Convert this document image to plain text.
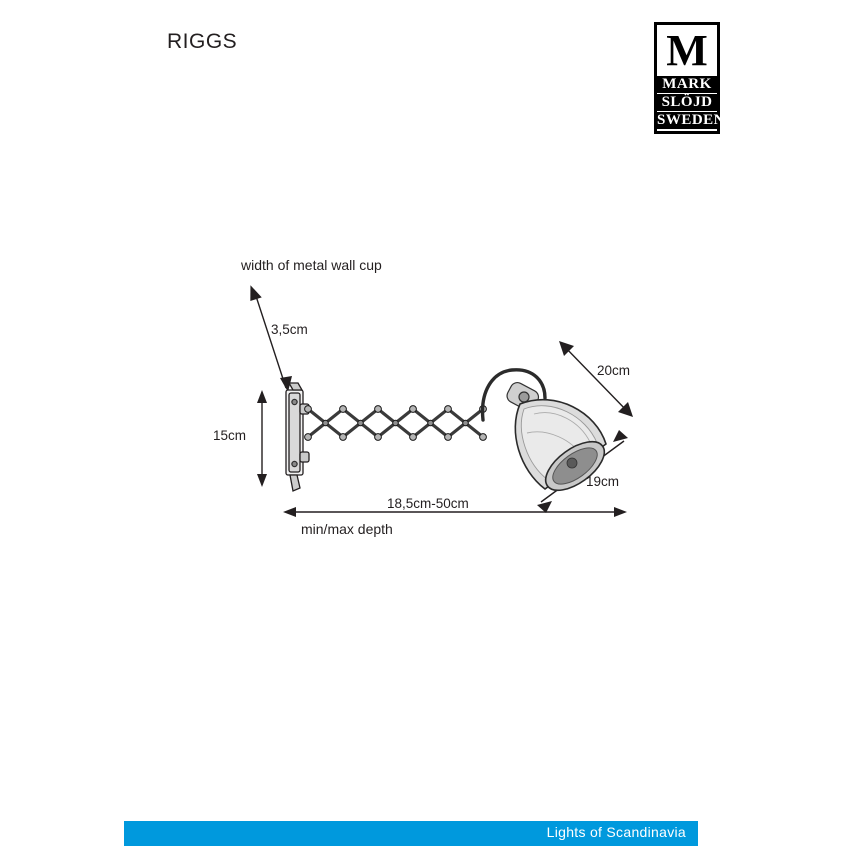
RIGGS	M
MARK
SLÖJD
SWEDEN
width of metal wall cup
3,5cm
15cm
20cm
19cm
18,5cm-50cm
min/max depth
Lights of Scandinavia
